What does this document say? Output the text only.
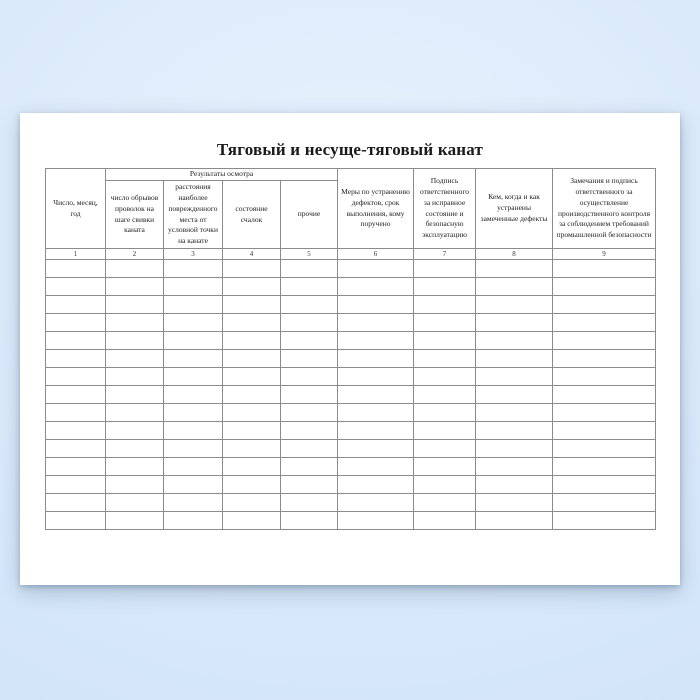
Тяговый и несуще-тяговый канат
Число, месяц, год	Результаты осмотра				Меры по устранению дефектов, срок выполнения, кому поручено	Подпись ответственного за исправное состояние и безопасную эксплуатацию	Кем, когда и как устранены замеченные дефекты	Замечания и подпись ответственного за осуществление производственного контроля за соблюдением требований промышленной безопасности
	число обрывов проволок на шаге свивки каната	расстояния наиболее поврежденного места от условной точки на канате	состояние счалок	прочие				
1	2	3	4	5	6	7	8	9
